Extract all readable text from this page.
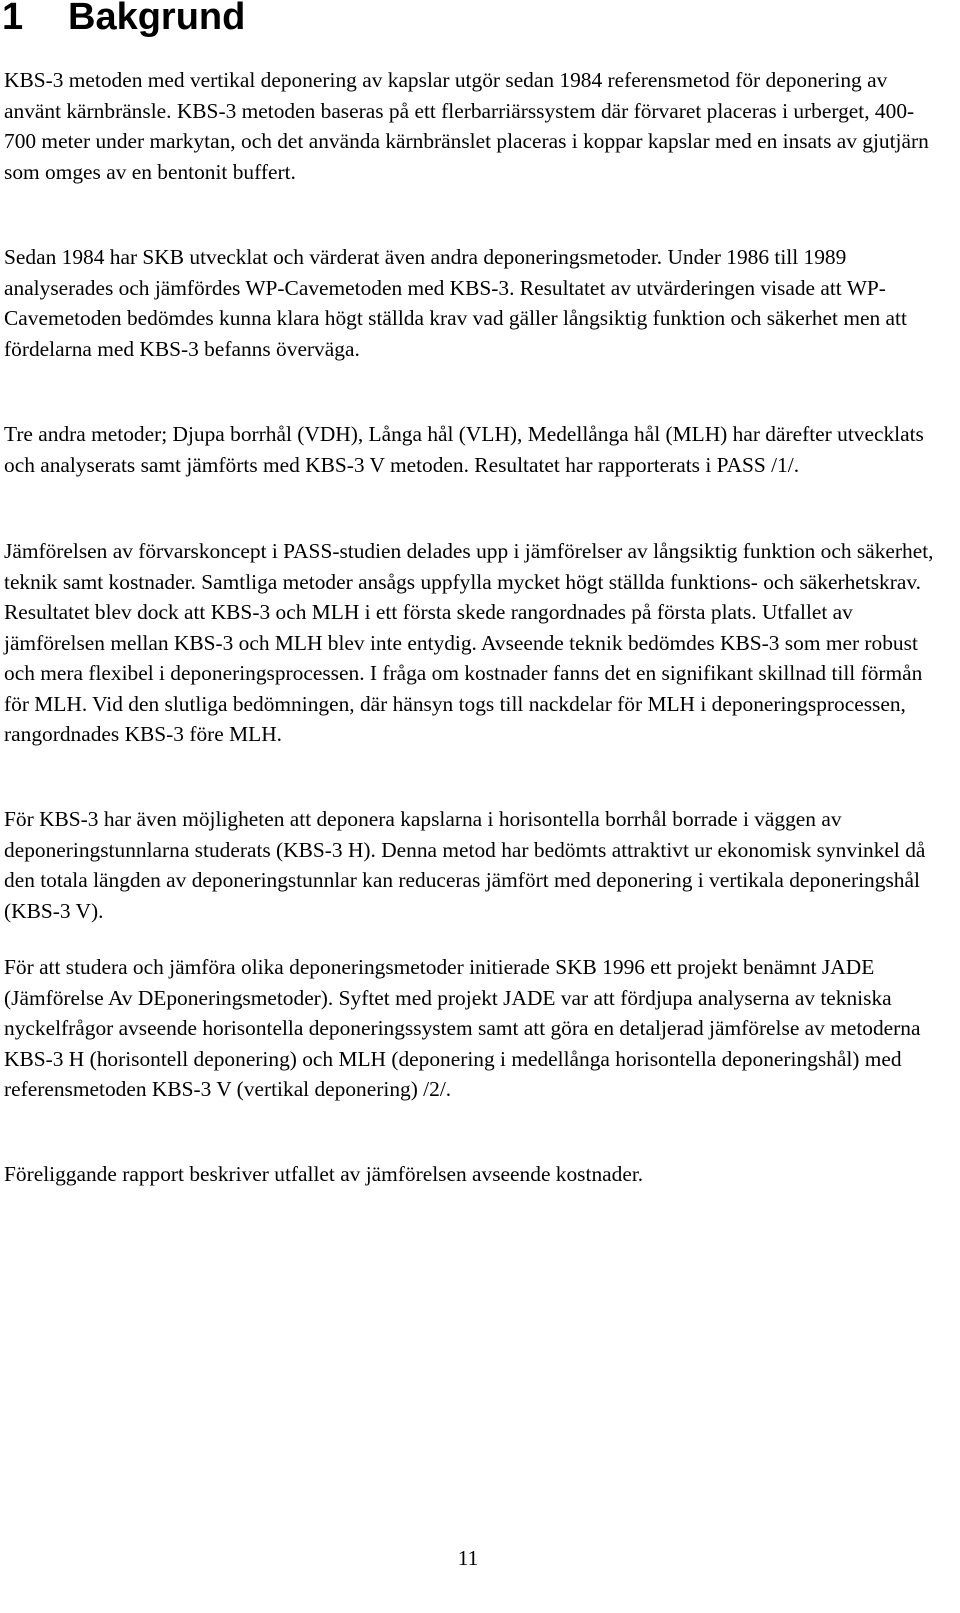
1 Bakgrund

KBS-3 metoden med vertikal deponering av kapslar utgör sedan 1984 referensmetod för deponering av använt kärnbränsle. KBS-3 metoden baseras på ett flerbarriärssystem där förvaret placeras i urberget, 400-700 meter under markytan, och det använda kärnbränslet placeras i koppar kapslar med en insats av gjutjärn som omges av en bentonit buffert.

Sedan 1984 har SKB utvecklat och värderat även andra deponeringsmetoder. Under 1986 till 1989 analyserades och jämfördes WP-Cavemetoden med KBS-3. Resultatet av utvärderingen visade att WP-Cavemetoden bedömdes kunna klara högt ställda krav vad gäller långsiktig funktion och säkerhet men att fördelarna med KBS-3 befanns överväga.

Tre andra metoder; Djupa borrhål (VDH), Långa hål (VLH), Medellånga hål (MLH) har därefter utvecklats och analyserats samt jämförts med KBS-3 V metoden. Resultatet har rapporterats i PASS /1/.

Jämförelsen av förvarskoncept i PASS-studien delades upp i jämförelser av långsiktig funktion och säkerhet, teknik samt kostnader. Samtliga metoder ansågs uppfylla mycket högt ställda funktions- och säkerhetskrav. Resultatet blev dock att KBS-3 och MLH i ett första skede rangordnades på första plats. Utfallet av jämförelsen mellan KBS-3 och MLH blev inte entydig. Avseende teknik bedömdes KBS-3 som mer robust och mera flexibel i deponeringsprocessen. I fråga om kostnader fanns det en signifikant skillnad till förmån för MLH. Vid den slutliga bedömningen, där hänsyn togs till nackdelar för MLH i deponeringsprocessen, rangordnades KBS-3 före MLH.

För KBS-3 har även möjligheten att deponera kapslarna i horisontella borrhål borrade i väggen av deponeringstunnlarna studerats (KBS-3 H). Denna metod har bedömts attraktivt ur ekonomisk synvinkel då den totala längden av deponeringstunnlar kan reduceras jämfört med deponering i vertikala deponeringshål (KBS-3 V).

För att studera och jämföra olika deponeringsmetoder initierade SKB 1996 ett projekt benämnt JADE (Jämförelse Av DEponeringsmetoder). Syftet med projekt JADE var att fördjupa analyserna av tekniska nyckelfrågor avseende horisontella deponeringssystem samt att göra en detaljerad jämförelse av metoderna KBS-3 H (horisontell deponering) och MLH (deponering i medellånga horisontella deponeringshål) med referensmetoden KBS-3 V (vertikal deponering) /2/.

Föreliggande rapport beskriver utfallet av jämförelsen avseende kostnader.

11
